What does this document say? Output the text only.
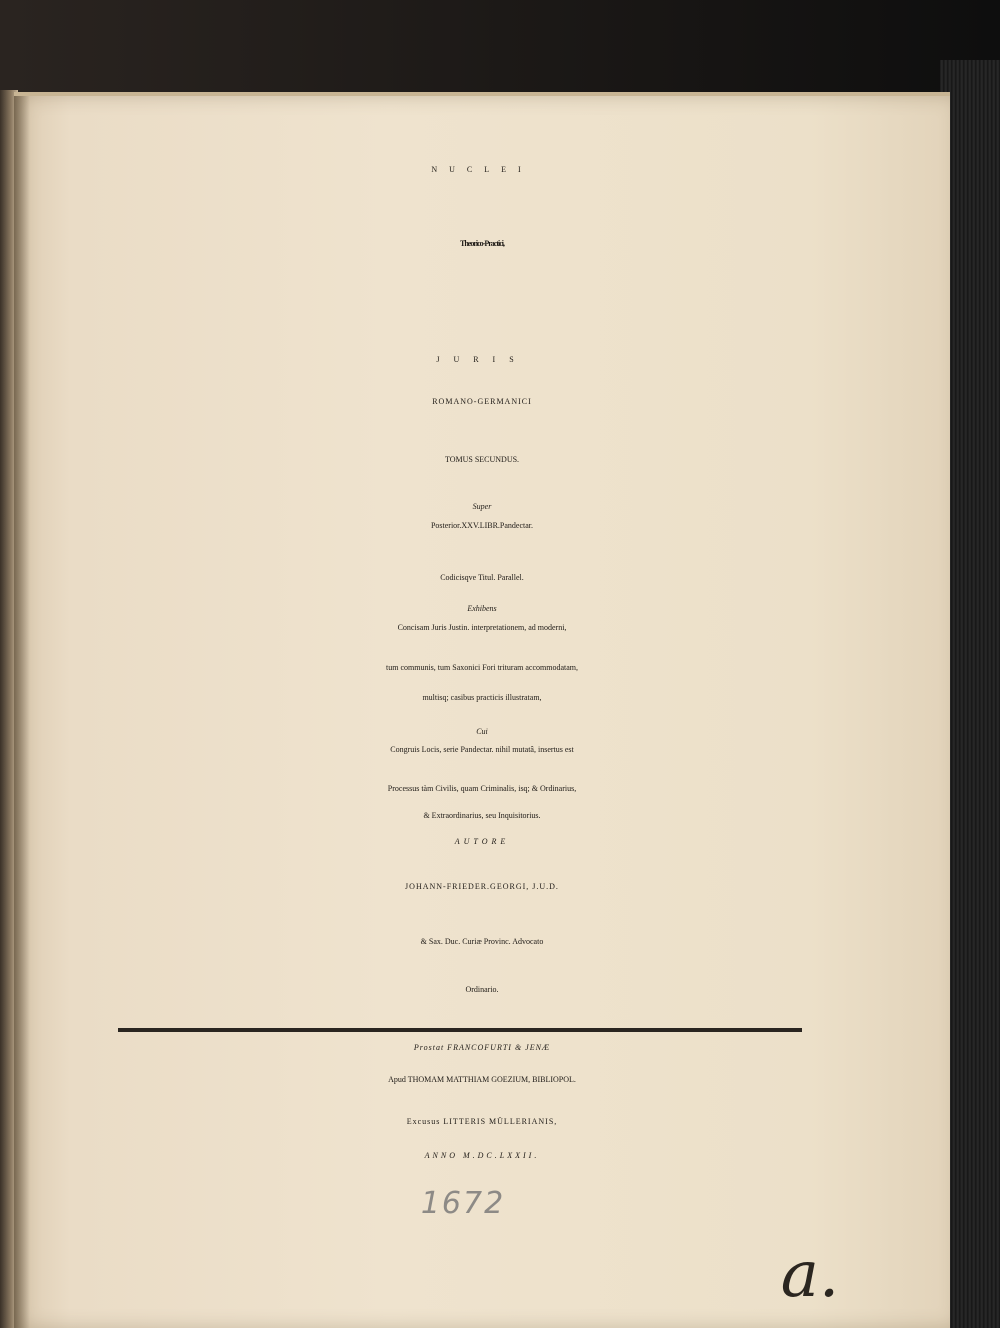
NUCLEI
Theorico-Practici,
JURIS
ROMANO-GERMANICI
TOMUS SECUNDUS.
Super
Posterior.XXV.LIBR.Pandectar.
Codicisqve Titul. Parallel.
Exhibens
Concisam Juris Justin. interpretationem, ad moderni,
tum communis, tum Saxonici Fori trituram accommodatam,
multisq; casibus practicis illustratam,
Cui
Congruis Locis, serie Pandectar. nihil mutatâ, insertus est
Processus tàm Civilis, quam Criminalis, isq; & Ordinarius,
& Extraordinarius, seu Inquisitorius.
AUTORE
JOHANN-FRIEDER.GEORGI, J.U.D.
& Sax. Duc. Curiæ Provinc. Advocato
Ordinario.
Prostat FRANCOFURTI & JENÆ
Apud THOMAM MATTHIAM GOEZIUM, BIBLIOPOL.
Excusus LITTERIS MÜLLERIANIS,
ANNO M.DC.LXXII.
1672
a.
